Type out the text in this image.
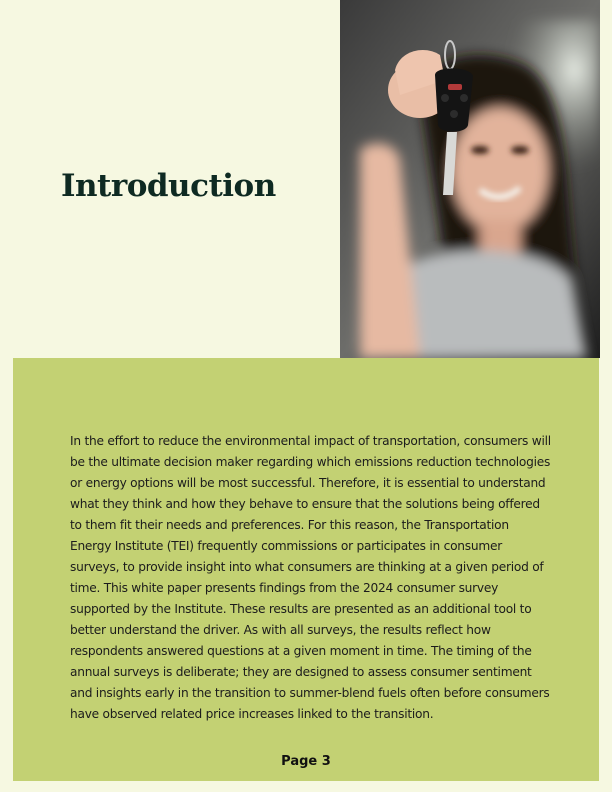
Introduction

In the effort to reduce the environmental impact of transportation, consumers will be the ultimate decision maker regarding which emissions reduction technologies or energy options will be most successful. Therefore, it is essential to understand what they think and how they behave to ensure that the solutions being offered to them fit their needs and preferences. For this reason, the Transportation Energy Institute (TEI) frequently commissions or participates in consumer surveys, to provide insight into what consumers are thinking at a given period of time. This white paper presents findings from the 2024 consumer survey supported by the Institute. These results are presented as an additional tool to better understand the driver. As with all surveys, the results reflect how respondents answered questions at a given moment in time. The timing of the annual surveys is deliberate; they are designed to assess consumer sentiment and insights early in the transition to summer-blend fuels often before consumers have observed related price increases linked to the transition.

Page 3
